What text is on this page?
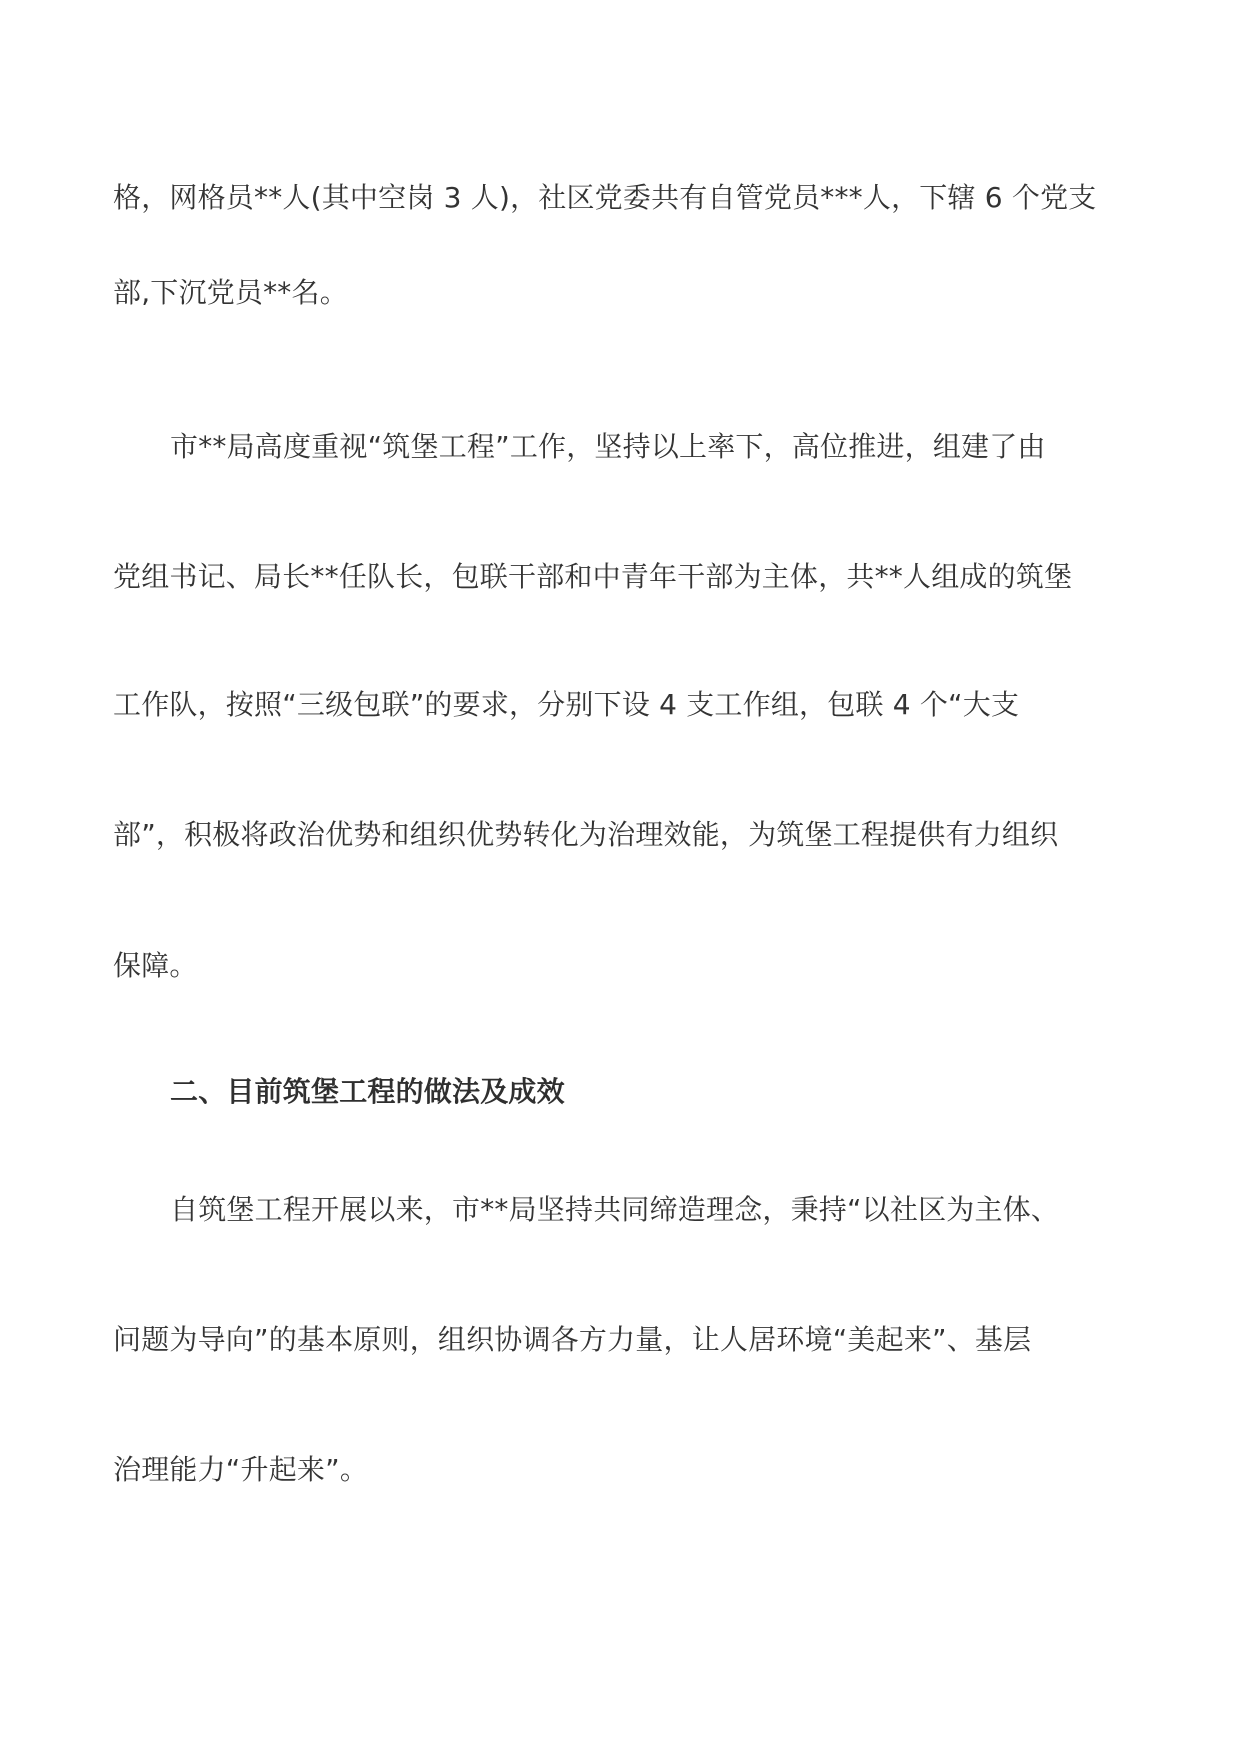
格，网格员**人(其中空岗 3 人)，社区党委共有自管党员***人，下辖 6 个党支
部,下沉党员**名。
市**局高度重视“筑堡工程”工作，坚持以上率下，高位推进，组建了由
党组书记、局长**任队长，包联干部和中青年干部为主体，共**人组成的筑堡
工作队，按照“三级包联”的要求，分别下设 4 支工作组，包联 4 个“大支
部”，积极将政治优势和组织优势转化为治理效能，为筑堡工程提供有力组织
保障。
二、目前筑堡工程的做法及成效
自筑堡工程开展以来，市**局坚持共同缔造理念，秉持“以社区为主体、
问题为导向”的基本原则，组织协调各方力量，让人居环境“美起来”、基层
治理能力“升起来”。
